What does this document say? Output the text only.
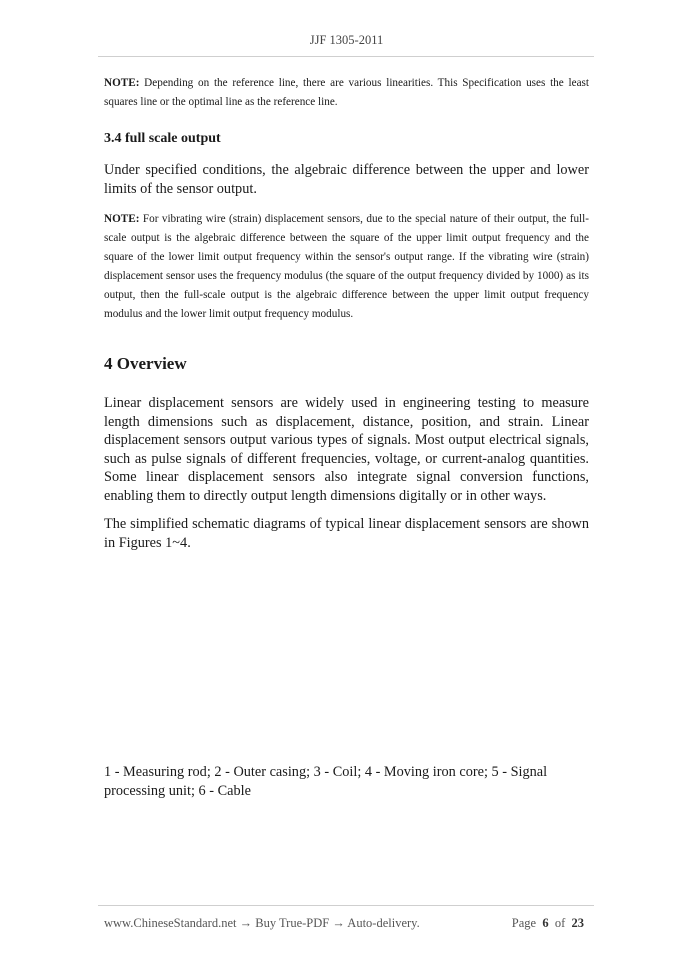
JJF 1305-2011

NOTE: Depending on the reference line, there are various linearities. This Specification uses the least squares line or the optimal line as the reference line.

3.4 full scale output

Under specified conditions, the algebraic difference between the upper and lower limits of the sensor output.

NOTE: For vibrating wire (strain) displacement sensors, due to the special nature of their output, the full-scale output is the algebraic difference between the square of the upper limit output frequency and the square of the lower limit output frequency within the sensor's output range. If the vibrating wire (strain) displacement sensor uses the frequency modulus (the square of the output frequency divided by 1000) as its output, then the full-scale output is the algebraic difference between the upper limit output frequency modulus and the lower limit output frequency modulus.

4 Overview

Linear displacement sensors are widely used in engineering testing to measure length dimensions such as displacement, distance, position, and strain. Linear displacement sensors output various types of signals. Most output electrical signals, such as pulse signals of different frequencies, voltage, or current-analog quantities. Some linear displacement sensors also integrate signal conversion functions, enabling them to directly output length dimensions digitally or in other ways.

The simplified schematic diagrams of typical linear displacement sensors are shown in Figures 1~4.

1 - Measuring rod; 2 - Outer casing; 3 - Coil; 4 - Moving iron core; 5 - Signal processing unit; 6 - Cable

www.ChineseStandard.net → Buy True-PDF → Auto-delivery.	Page 6 of 23
